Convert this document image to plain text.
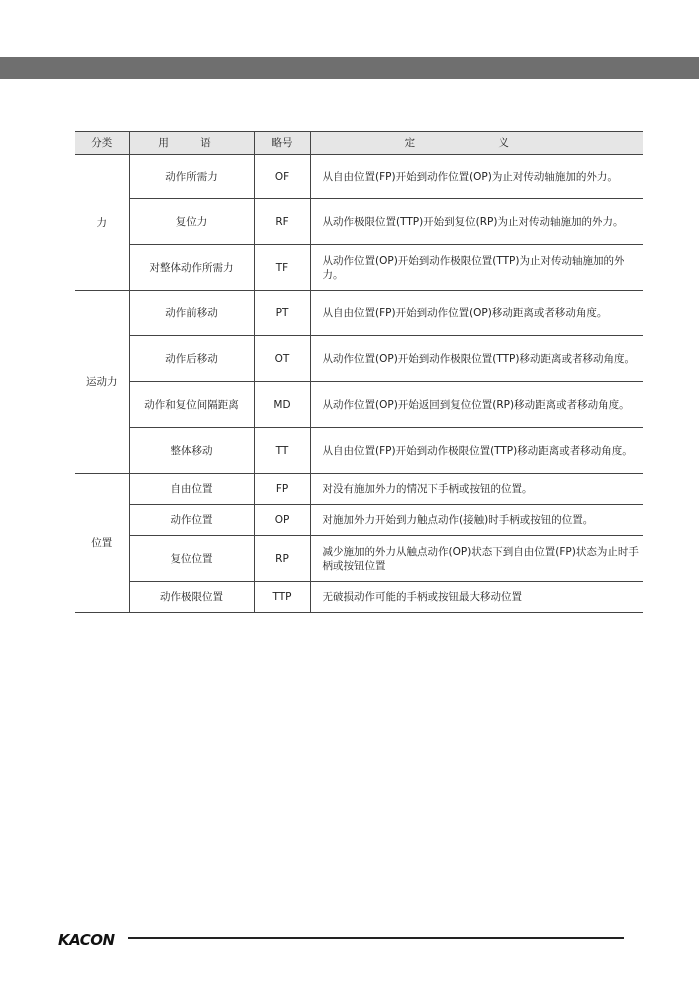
分类	用 语	略号	定 义
力	动作所需力	OF	从自由位置(FP)开始到动作位置(OP)为止对传动轴施加的外力。
	复位力	RF	从动作极限位置(TTP)开始到复位(RP)为止对传动轴施加的外力。
	对整体动作所需力	TF	从动作位置(OP)开始到动作极限位置(TTP)为止对传动轴施加的外力。
运动力	动作前移动	PT	从自由位置(FP)开始到动作位置(OP)移动距离或者移动角度。
	动作后移动	OT	从动作位置(OP)开始到动作极限位置(TTP)移动距离或者移动角度。
	动作和复位间隔距离	MD	从动作位置(OP)开始返回到复位位置(RP)移动距离或者移动角度。
	整体移动	TT	从自由位置(FP)开始到动作极限位置(TTP)移动距离或者移动角度。
位置	自由位置	FP	对没有施加外力的情况下手柄或按钮的位置。
	动作位置	OP	对施加外力开始到力触点动作(接触)时手柄或按钮的位置。
	复位位置	RP	减少施加的外力从触点动作(OP)状态下到自由位置(FP)状态为止时手柄或按钮位置
	动作极限位置	TTP	无破损动作可能的手柄或按钮最大移动位置
KACON
